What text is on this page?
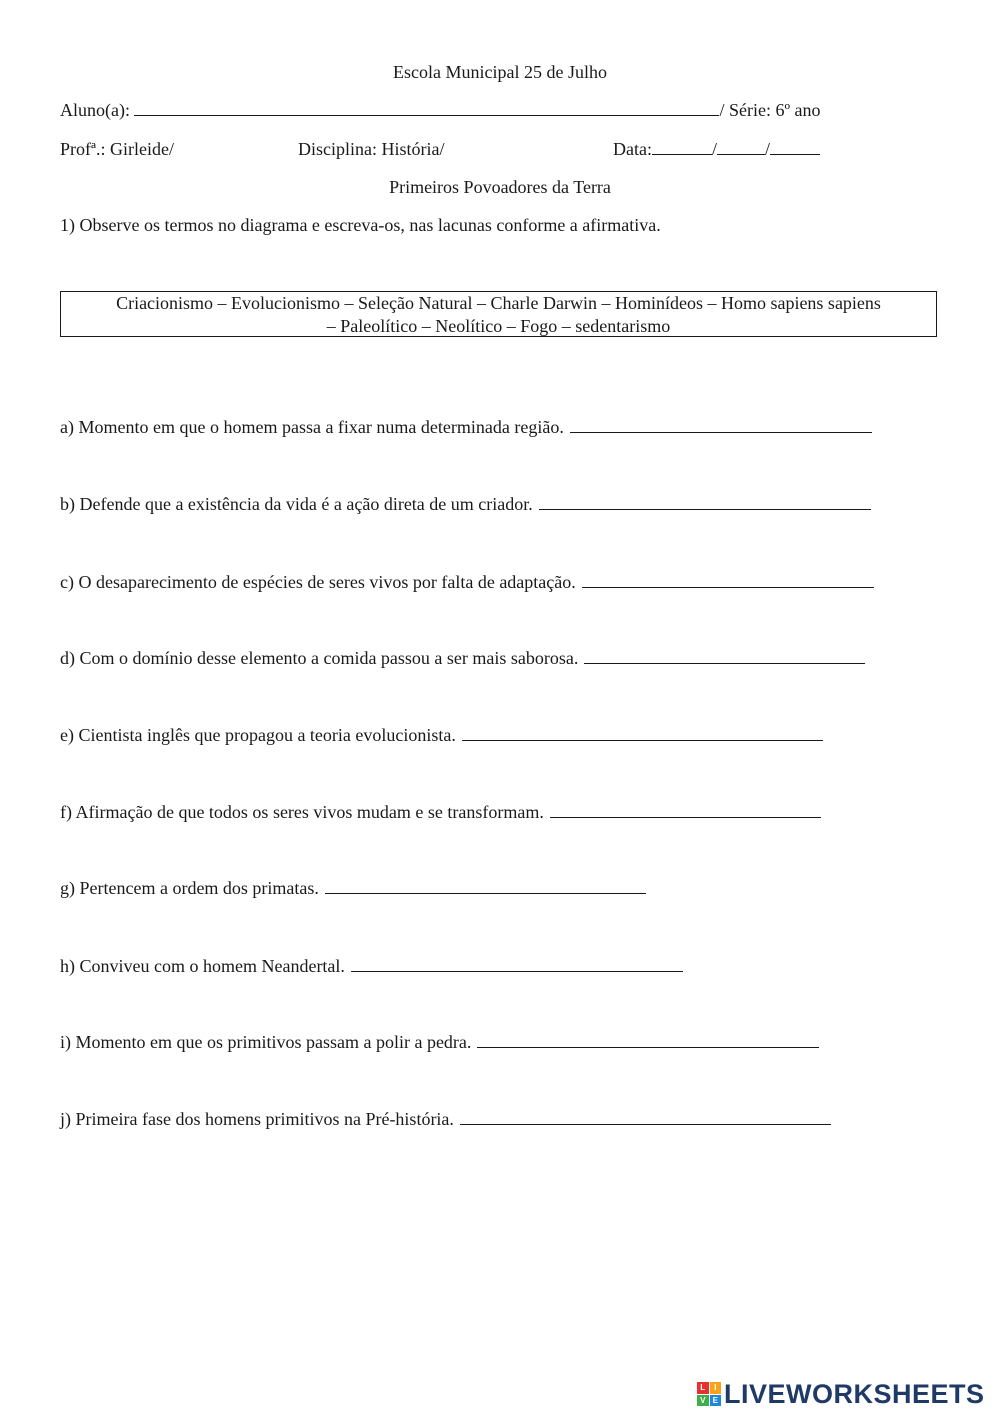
Escola Municipal 25 de Julho
Aluno(a):	/ Série: 6º ano
Profª.: Girleide/	Disciplina: História/	Data:	/	/
Primeiros Povoadores da Terra
1) Observe os termos no diagrama e escreva-os, nas lacunas conforme a afirmativa.
Criacionismo – Evolucionismo – Seleção Natural – Charle Darwin – Hominídeos – Homo sapiens sapiens
– Paleolítico – Neolítico – Fogo – sedentarismo
a) Momento em que o homem passa a fixar numa determinada região.
b) Defende que a existência da vida é a ação direta de um criador.
c) O desaparecimento de espécies de seres vivos por falta de adaptação.
d) Com o domínio desse elemento a comida passou a ser mais saborosa.
e) Cientista inglês que propagou a teoria evolucionista.
f) Afirmação de que todos os seres vivos mudam e se transformam.
g) Pertencem a ordem dos primatas.
h) Conviveu com o homem Neandertal.
i) Momento em que os primitivos passam a polir a pedra.
j) Primeira fase dos homens primitivos na Pré-história.
L	I
V E LIVEWORKSHEETS
